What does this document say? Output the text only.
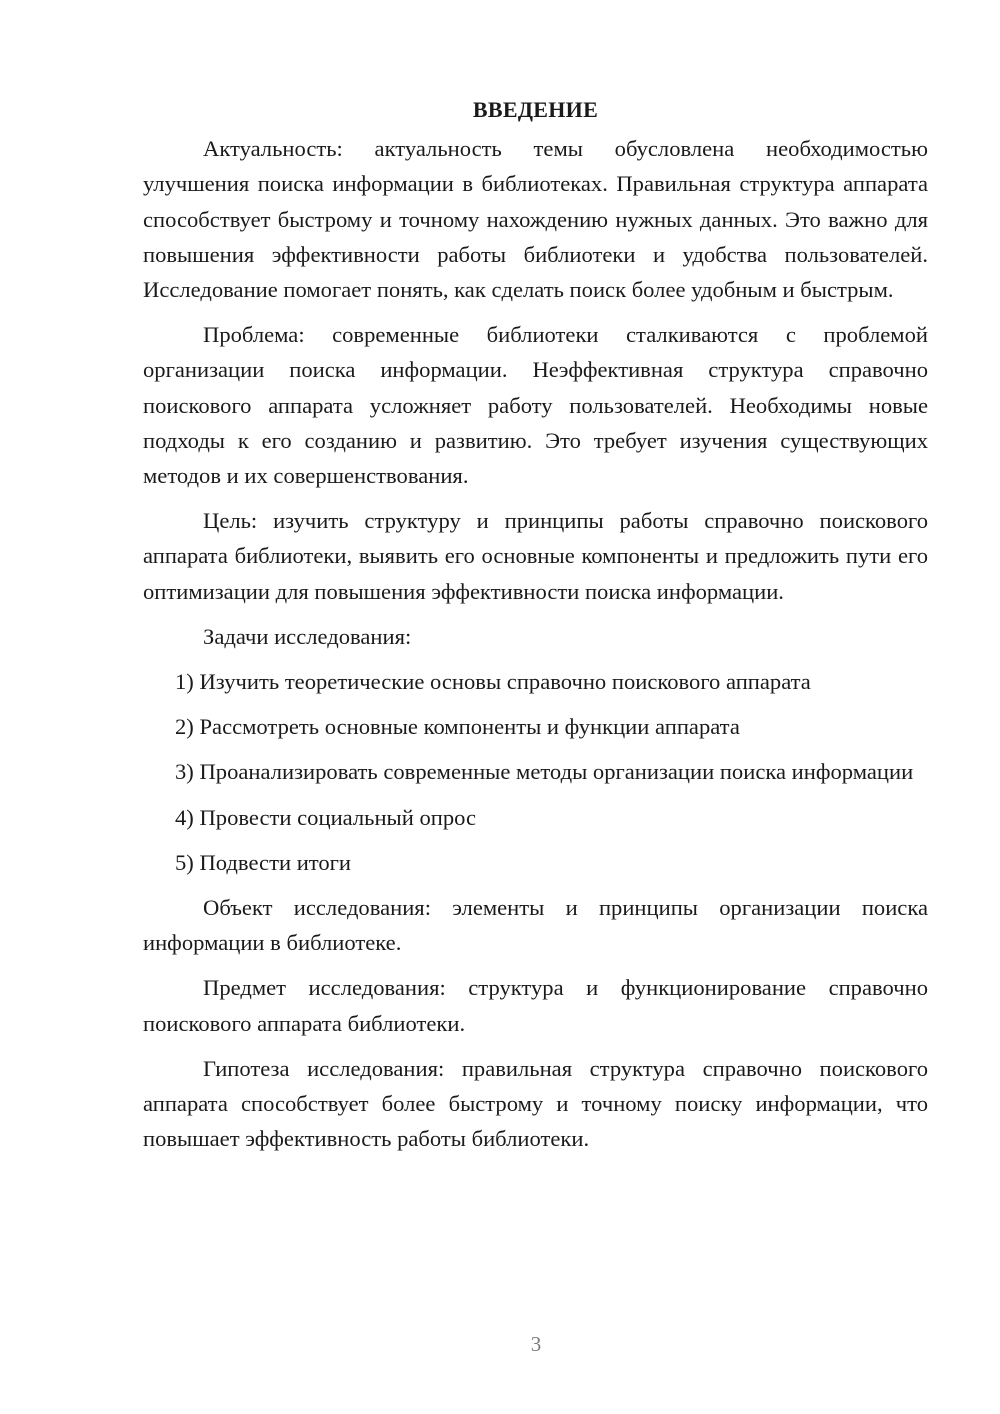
ВВЕДЕНИЕ

Актуальность: актуальность темы обусловлена необходимостью улучшения поиска информации в библиотеках. Правильная структура аппарата способствует быстрому и точному нахождению нужных данных. Это важно для повышения эффективности работы библиотеки и удобства пользователей. Исследование помогает понять, как сделать поиск более удобным и быстрым.

Проблема: современные библиотеки сталкиваются с проблемой организации поиска информации. Неэффективная структура справочно поискового аппарата усложняет работу пользователей. Необходимы новые подходы к его созданию и развитию. Это требует изучения существующих методов и их совершенствования.

Цель: изучить структуру и принципы работы справочно поискового аппарата библиотеки, выявить его основные компоненты и предложить пути его оптимизации для повышения эффективности поиска информации.

Задачи исследования:

1) Изучить теоретические основы справочно поискового аппарата

2) Рассмотреть основные компоненты и функции аппарата

3) Проанализировать современные методы организации поиска информации

4) Провести социальный опрос

5) Подвести итоги

Объект исследования: элементы и принципы организации поиска информации в библиотеке.

Предмет исследования: структура и функционирование справочно поискового аппарата библиотеки.

Гипотеза исследования: правильная структура справочно поискового аппарата способствует более быстрому и точному поиску информации, что повышает эффективность работы библиотеки.

3
